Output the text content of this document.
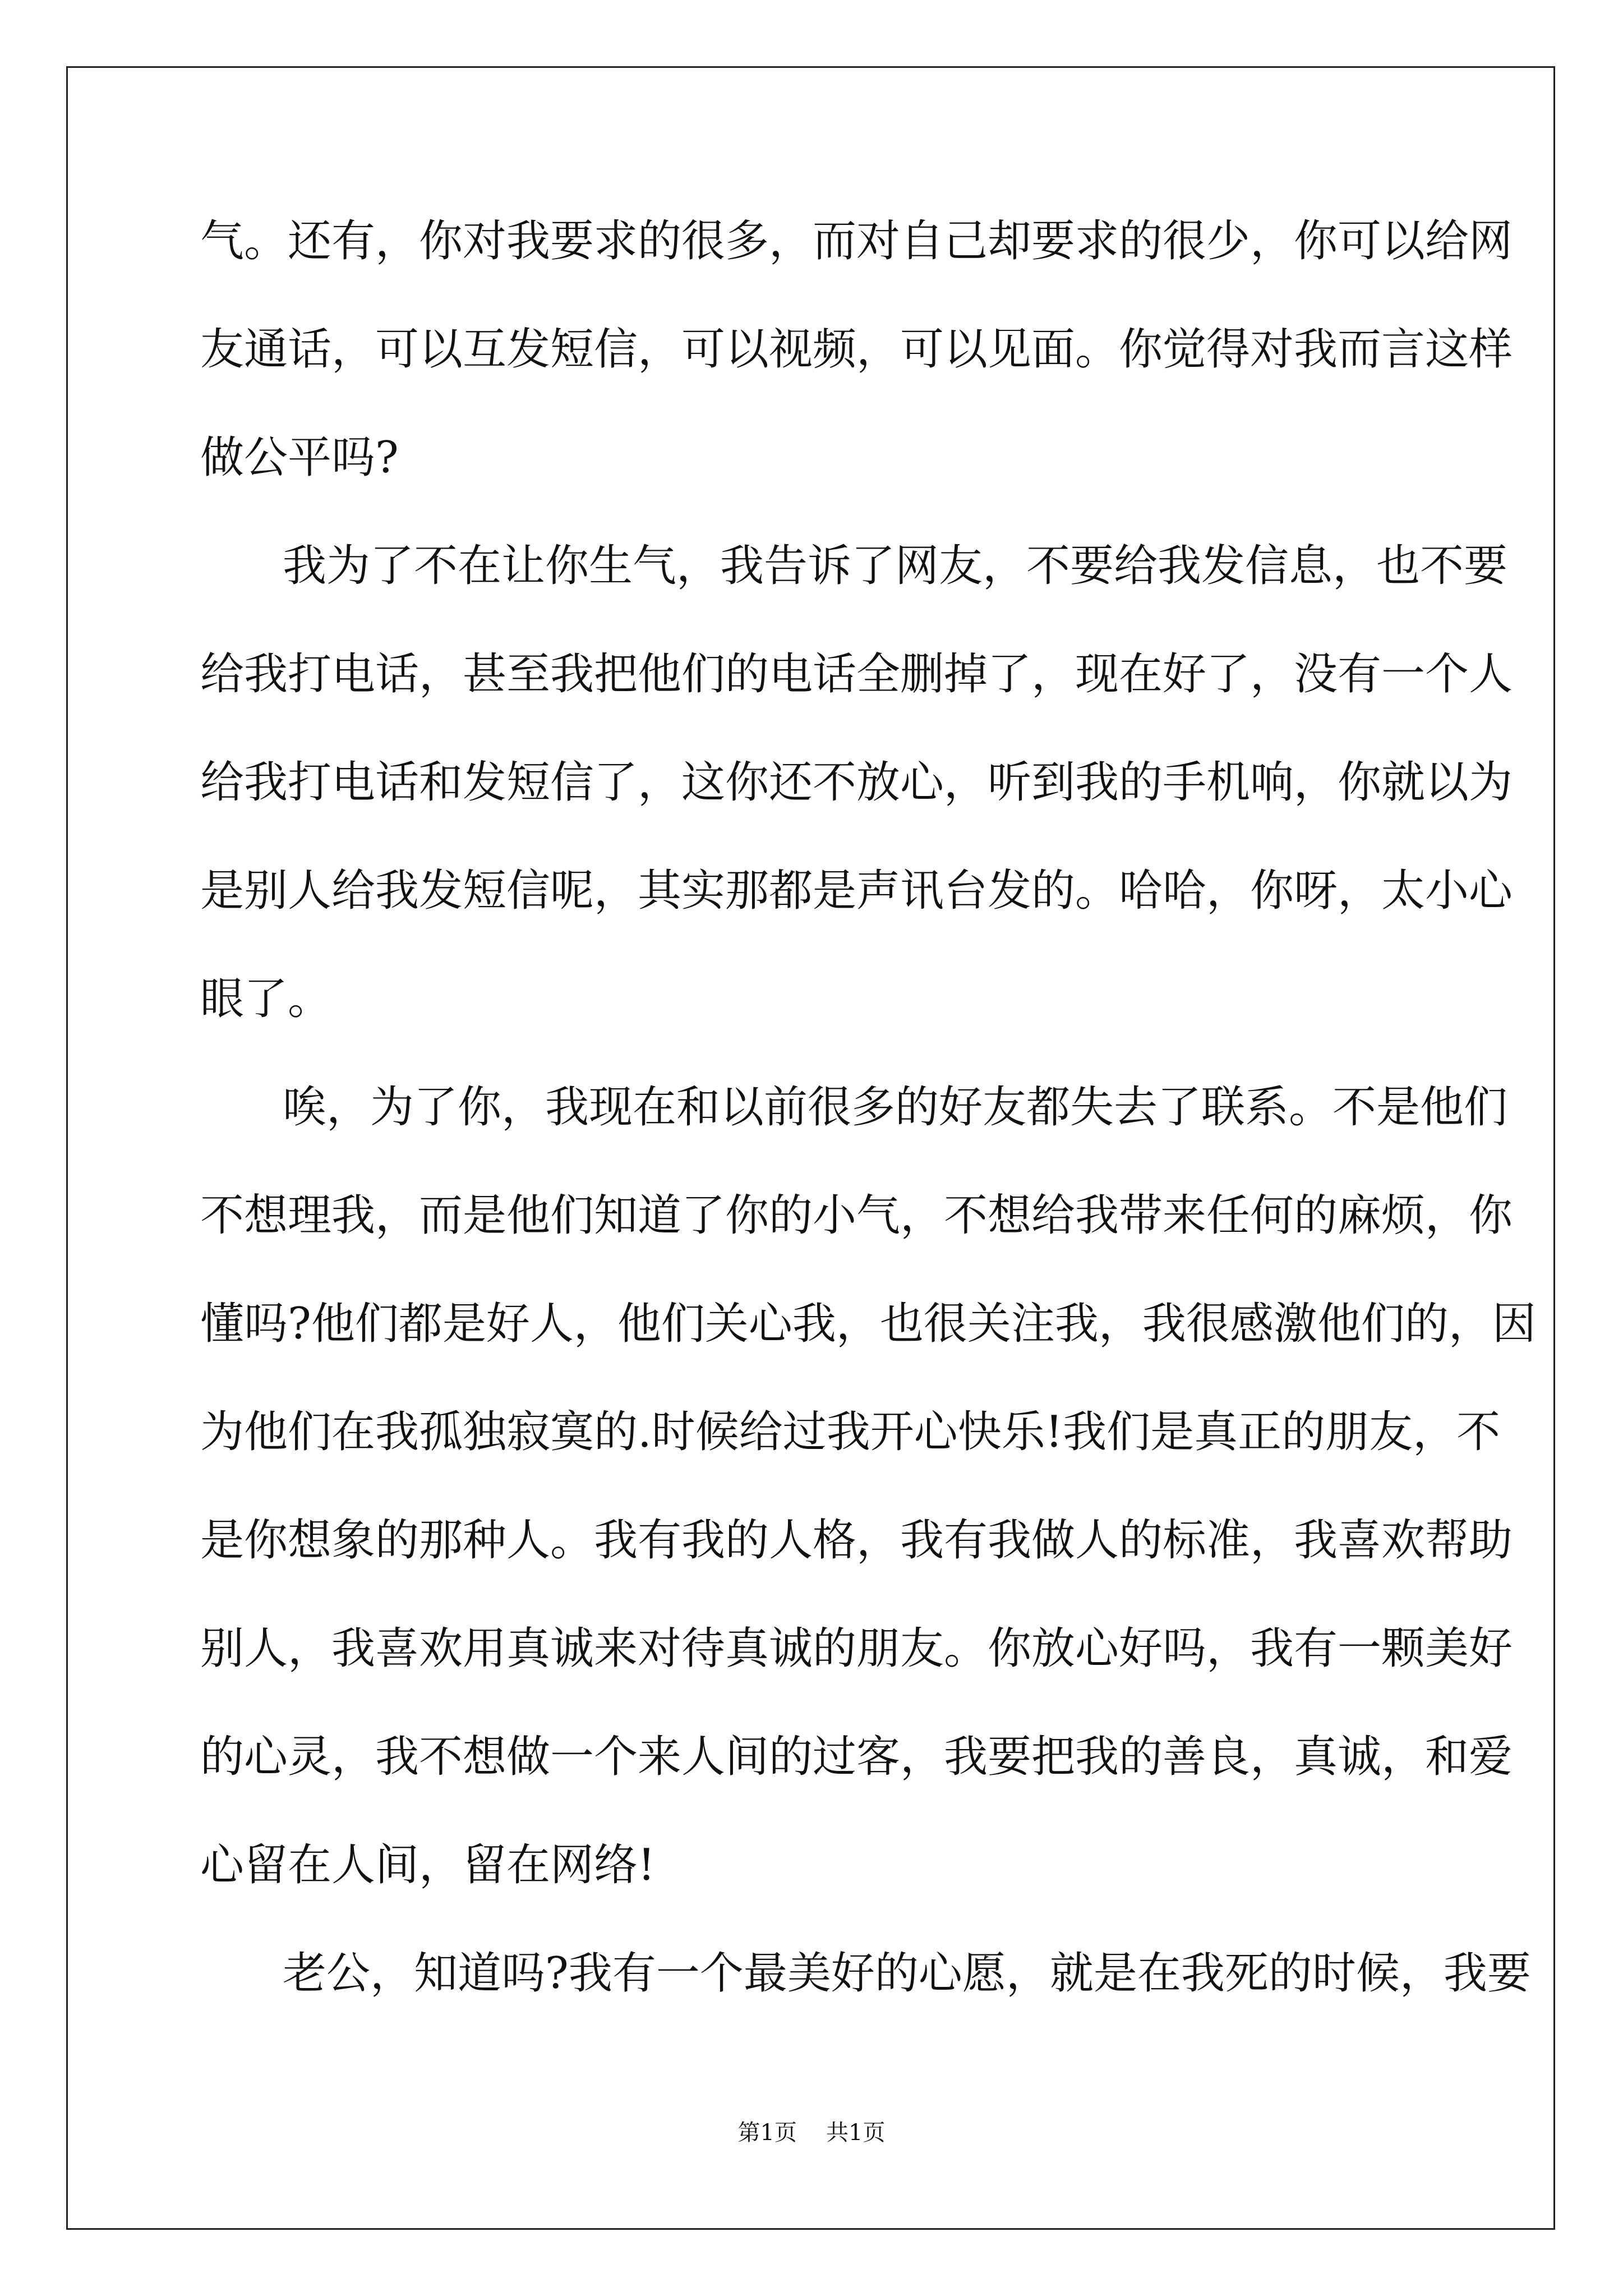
气。还有，你对我要求的很多，而对自己却要求的很少，你可以给网
友通话，可以互发短信，可以视频，可以见面。你觉得对我而言这样
做公平吗?
我为了不在让你生气，我告诉了网友，不要给我发信息，也不要
给我打电话，甚至我把他们的电话全删掉了，现在好了，没有一个人
给我打电话和发短信了，这你还不放心，听到我的手机响，你就以为
是别人给我发短信呢，其实那都是声讯台发的。哈哈，你呀，太小心
眼了。
唉，为了你，我现在和以前很多的好友都失去了联系。不是他们
不想理我，而是他们知道了你的小气，不想给我带来任何的麻烦，你
懂吗?他们都是好人，他们关心我，也很关注我，我很感激他们的，因
为他们在我孤独寂寞的.时候给过我开心快乐!我们是真正的朋友，不
是你想象的那种人。我有我的人格，我有我做人的标准，我喜欢帮助
别人，我喜欢用真诚来对待真诚的朋友。你放心好吗，我有一颗美好
的心灵，我不想做一个来人间的过客，我要把我的善良，真诚，和爱
心留在人间，留在网络!
老公，知道吗?我有一个最美好的心愿，就是在我死的时候，我要
第1页 共1页
